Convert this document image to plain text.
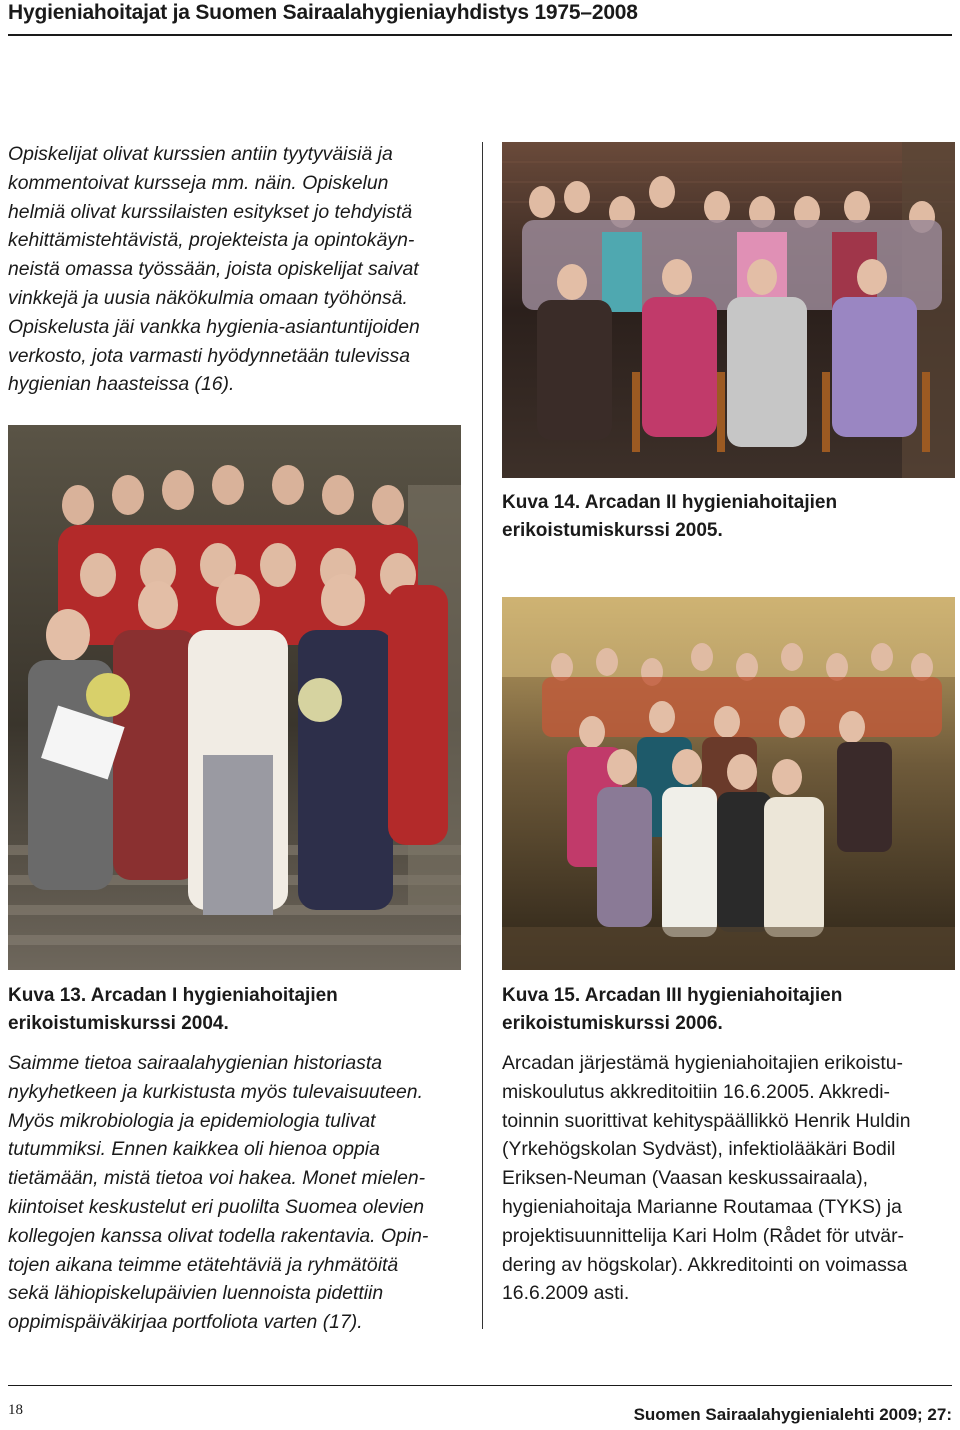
Hygieniahoitajat ja Suomen Sairaalahygieniayhdistys 1975–2008

Opiskelijat olivat kurssien antiin tyytyväisiä ja
kommentoivat kursseja mm. näin. Opiskelun
helmiä olivat kurssilaisten esitykset jo tehdyistä
kehittämistehtävistä, projekteista ja opintokäyn-
neistä omassa työssään, joista opiskelijat saivat
vinkkejä ja uusia näkökulmia omaan työhönsä.
Opiskelusta jäi vankka hygienia-asiantuntijoiden
verkosto, jota varmasti hyödynnetään tulevissa
hygienian haasteissa (16).

Kuva 13. Arcadan I hygieniahoitajien erikoistumiskurssi 2004.

Saimme tietoa sairaalahygienian historiasta
nykyhetkeen ja kurkistusta myös tulevaisuuteen.
Myös mikrobiologia ja epidemiologia tulivat
tutummiksi. Ennen kaikkea oli hienoa oppia
tietämään, mistä tietoa voi hakea. Monet mielen-
kiintoiset keskustelut eri puolilta Suomea olevien
kollegojen kanssa olivat todella rakentavia. Opin-
tojen aikana teimme etätehtäviä ja ryhmätöitä
sekä lähiopiskelupäivien luennoista pidettiin
oppimispäiväkirjaa portfoliota varten (17).

Kuva 14. Arcadan II hygieniahoitajien erikoistumiskurssi 2005.

Kuva 15. Arcadan III hygieniahoitajien erikoistumiskurssi 2006.

Arcadan järjestämä hygieniahoitajien erikoistu-
miskoulutus akkreditoitiin 16.6.2005. Akkredi-
toinnin suorittivat kehityspäällikkö Henrik Huldin
(Yrkehögskolan Sydväst), infektiolääkäri Bodil
Eriksen-Neuman (Vaasan keskussairaala),
hygieniahoitaja Marianne Routamaa (TYKS) ja
projektisuunnittelija Kari Holm (Rådet för utvär-
dering av högskolar). Akkreditointi on voimassa
16.6.2009 asti.

18	Suomen Sairaalahygienialehti 2009; 27:
